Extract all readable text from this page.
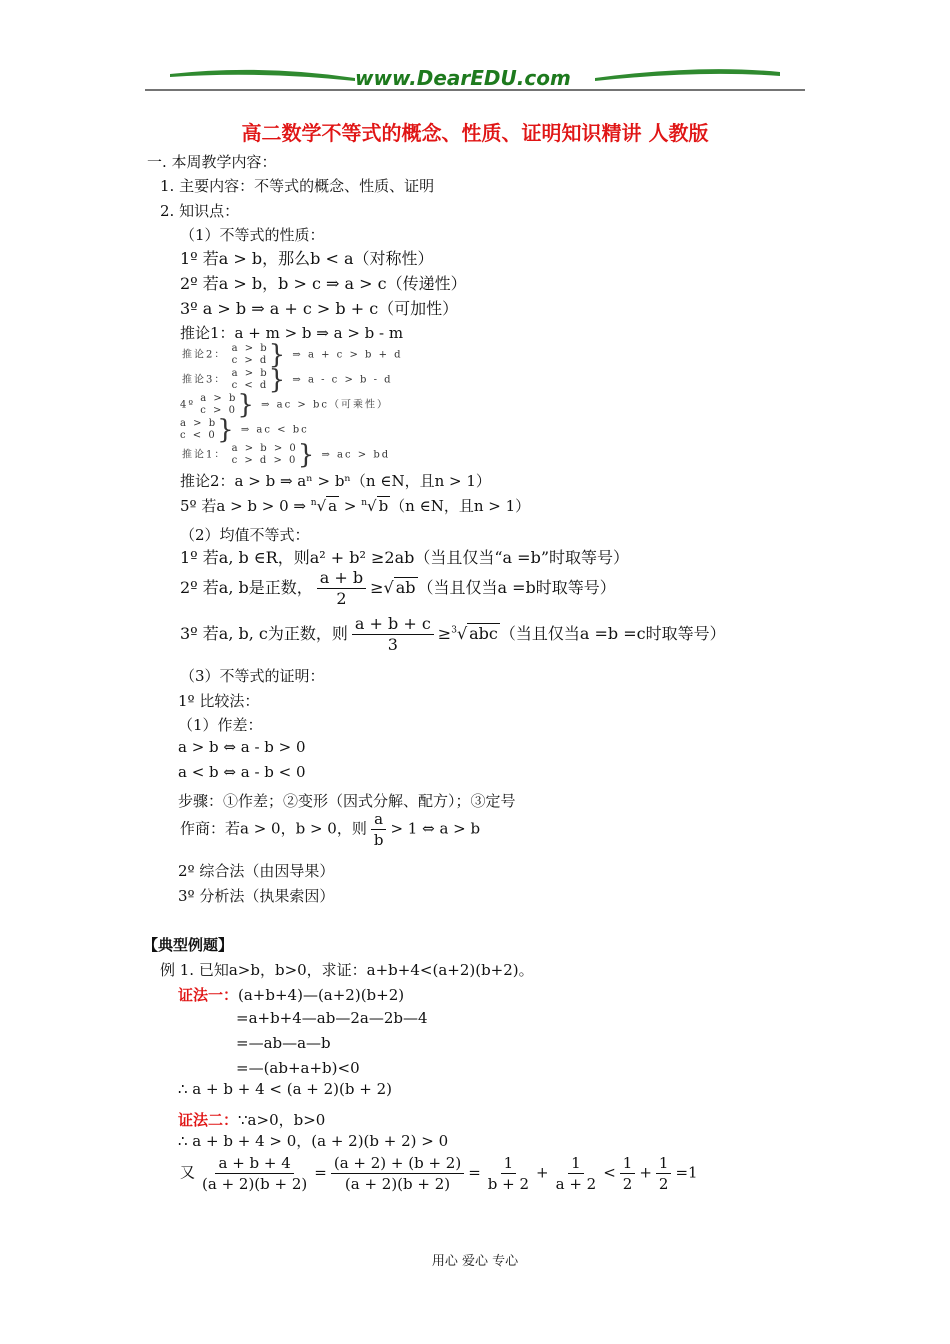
www.DearEDU.com
高二数学不等式的概念、性质、证明知识精讲 人教版
一. 本周教学内容：
1. 主要内容：不等式的概念、性质、证明
2. 知识点：
（1）不等式的性质：
1º 若a > b，那么b < a（对称性）
2º 若a > b，b > c ⇒ a > c（传递性）
3º a > b ⇒ a + c > b + c（可加性）
推论1：a + m > b ⇒ a > b - m
推论2：
a > b
c > d } ⇒ a + c > b + d
推论3：
a > b
c < d } ⇒ a - c > b - d
4º
a > b
c > 0 } ⇒ ac > bc（可乘性）
a > b
c < 0 } ⇒ ac < bc
推论1：
a > b > 0
c > d > 0 } ⇒ ac > bd
推论2：a > b ⇒ aⁿ > bⁿ（n ∈N，且n > 1）
5º 若a > b > 0 ⇒ $^n$√ a > $^n$√ b （n ∈N，且n > 1）
（2）均值不等式：
1º 若a, b ∈R，则a² + b² ≥2ab（当且仅当“a =b”时取等号）
2º 若a, b是正数， $\frac{a + b}{2}$ ≥√ ab （当且仅当a =b时取等号）
3º 若a, b, c为正数，则 $\frac{a + b + c}{3} \ge^3√$ abc （当且仅当a =b =c时取等号）
（3）不等式的证明：
1º 比较法：
（1）作差：
a > b ⇔ a - b > 0
a < b ⇔ a - b < 0
步骤：①作差；②变形（因式分解、配方）；③定号
作商：若a > 0，b > 0，则 $\frac{a}{b} > 1$ ⇔ a > b
2º 综合法（由因导果）
3º 分析法（执果索因）
【典型例题】
例 1. 已知a>b，b>0，求证：a+b+4<(a+2)(b+2)。
证法一：(a+b+4)—(a+2)(b+2)
=a+b+4—ab—2a—2b—4
=—ab—a—b
=—(ab+a+b)<0
∴ a + b + 4 < (a + 2)(b + 2)
证法二：∵a>0，b>0
∴ a + b + 4 > 0，(a + 2)(b + 2) > 0
又 $\frac{a + b + 4}{(a + 2)(b + 2)} = \frac{(a + 2) + (b + 2)}{(a + 2)(b + 2)} = \frac{1}{b + 2} + \frac{1}{a + 2} < \frac{1}{2} + \frac{1}{2} =1$
用心 爱心 专心
